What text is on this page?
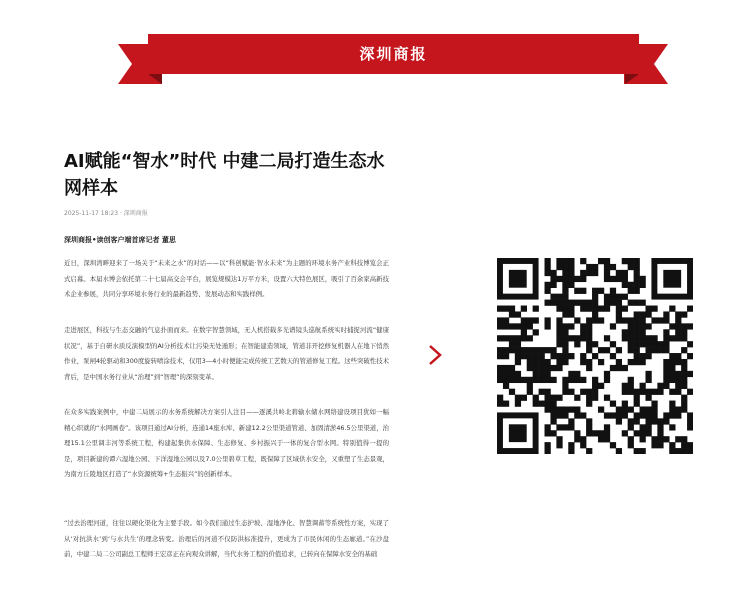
深圳商报
AI赋能“智水”时代 中建二局打造生态水网样本
2025-11-17 18:23 · 深圳商报
深圳商报•读创客户端首席记者 董思

近日，深圳湾畔迎来了一场关于“未来之水”的对话——以“科创赋能·智水未来”为主题的环境水务产业科技博览会正式启幕。本届水博会依托第二十七届高交会平台，展览规模达1万平方米，设置六大特色展区，吸引了百余家高新技术企业参展，共同分享环境水务行业的最新趋势、发展动态和实践样例。

走进展区，科技与生态交融的气息扑面而来。在数字智慧领域，无人机搭载多光谱镜头巡航系统实时捕捉河流“健康状况”，基于自研水质反演模型的AI分析技术让污染无处遁形；在智能建造领域，管道非开挖修复机器人在地下悄然作业，泵闸4轮驱动和300度旋转喷涂技术，仅用3—4小时便能完成传统工艺数天的管道修复工程。这些突破性技术背后，是中国水务行业从“治理”到“智理”的深刻变革。

在众多实践案例中，中建二局展示的水务系统解决方案引人注目——逐溪共岭北碧输水储水网络建设项目犹如一幅精心织就的“水网画卷”。该项目通过AI分析，连通14座水库、新建12.2公里渠道管道、加固清淤46.5公里渠道，治理15.1公里调丰河等系统工程，构建起集供水保障、生态修复、乡村振兴于一体的复合型水网。特别值得一提的是，项目新建的谭六湿地公园、下洋湿地公园以及7.0公里碧草工程，既保障了区域供水安全，又重塑了生态景观，为南方丘陵地区打造了“水资源统筹+生态振兴”的创新样本。

“过去治理河道，往往以硬化渠化为主要手段。如今我们通过生态护坡、湿地净化、智慧调蓄等系统性方案，实现了从‘对抗洪水’到‘与水共生’的理念转变。治理后的河道不仅防洪标准提升，更成为了市民休闲的生态廊道。”在沙盘前，中建二局二公司副总工程师王宏彦正在向观众讲解，当代水务工程的价值追求，已转向在保障水安全的基础
